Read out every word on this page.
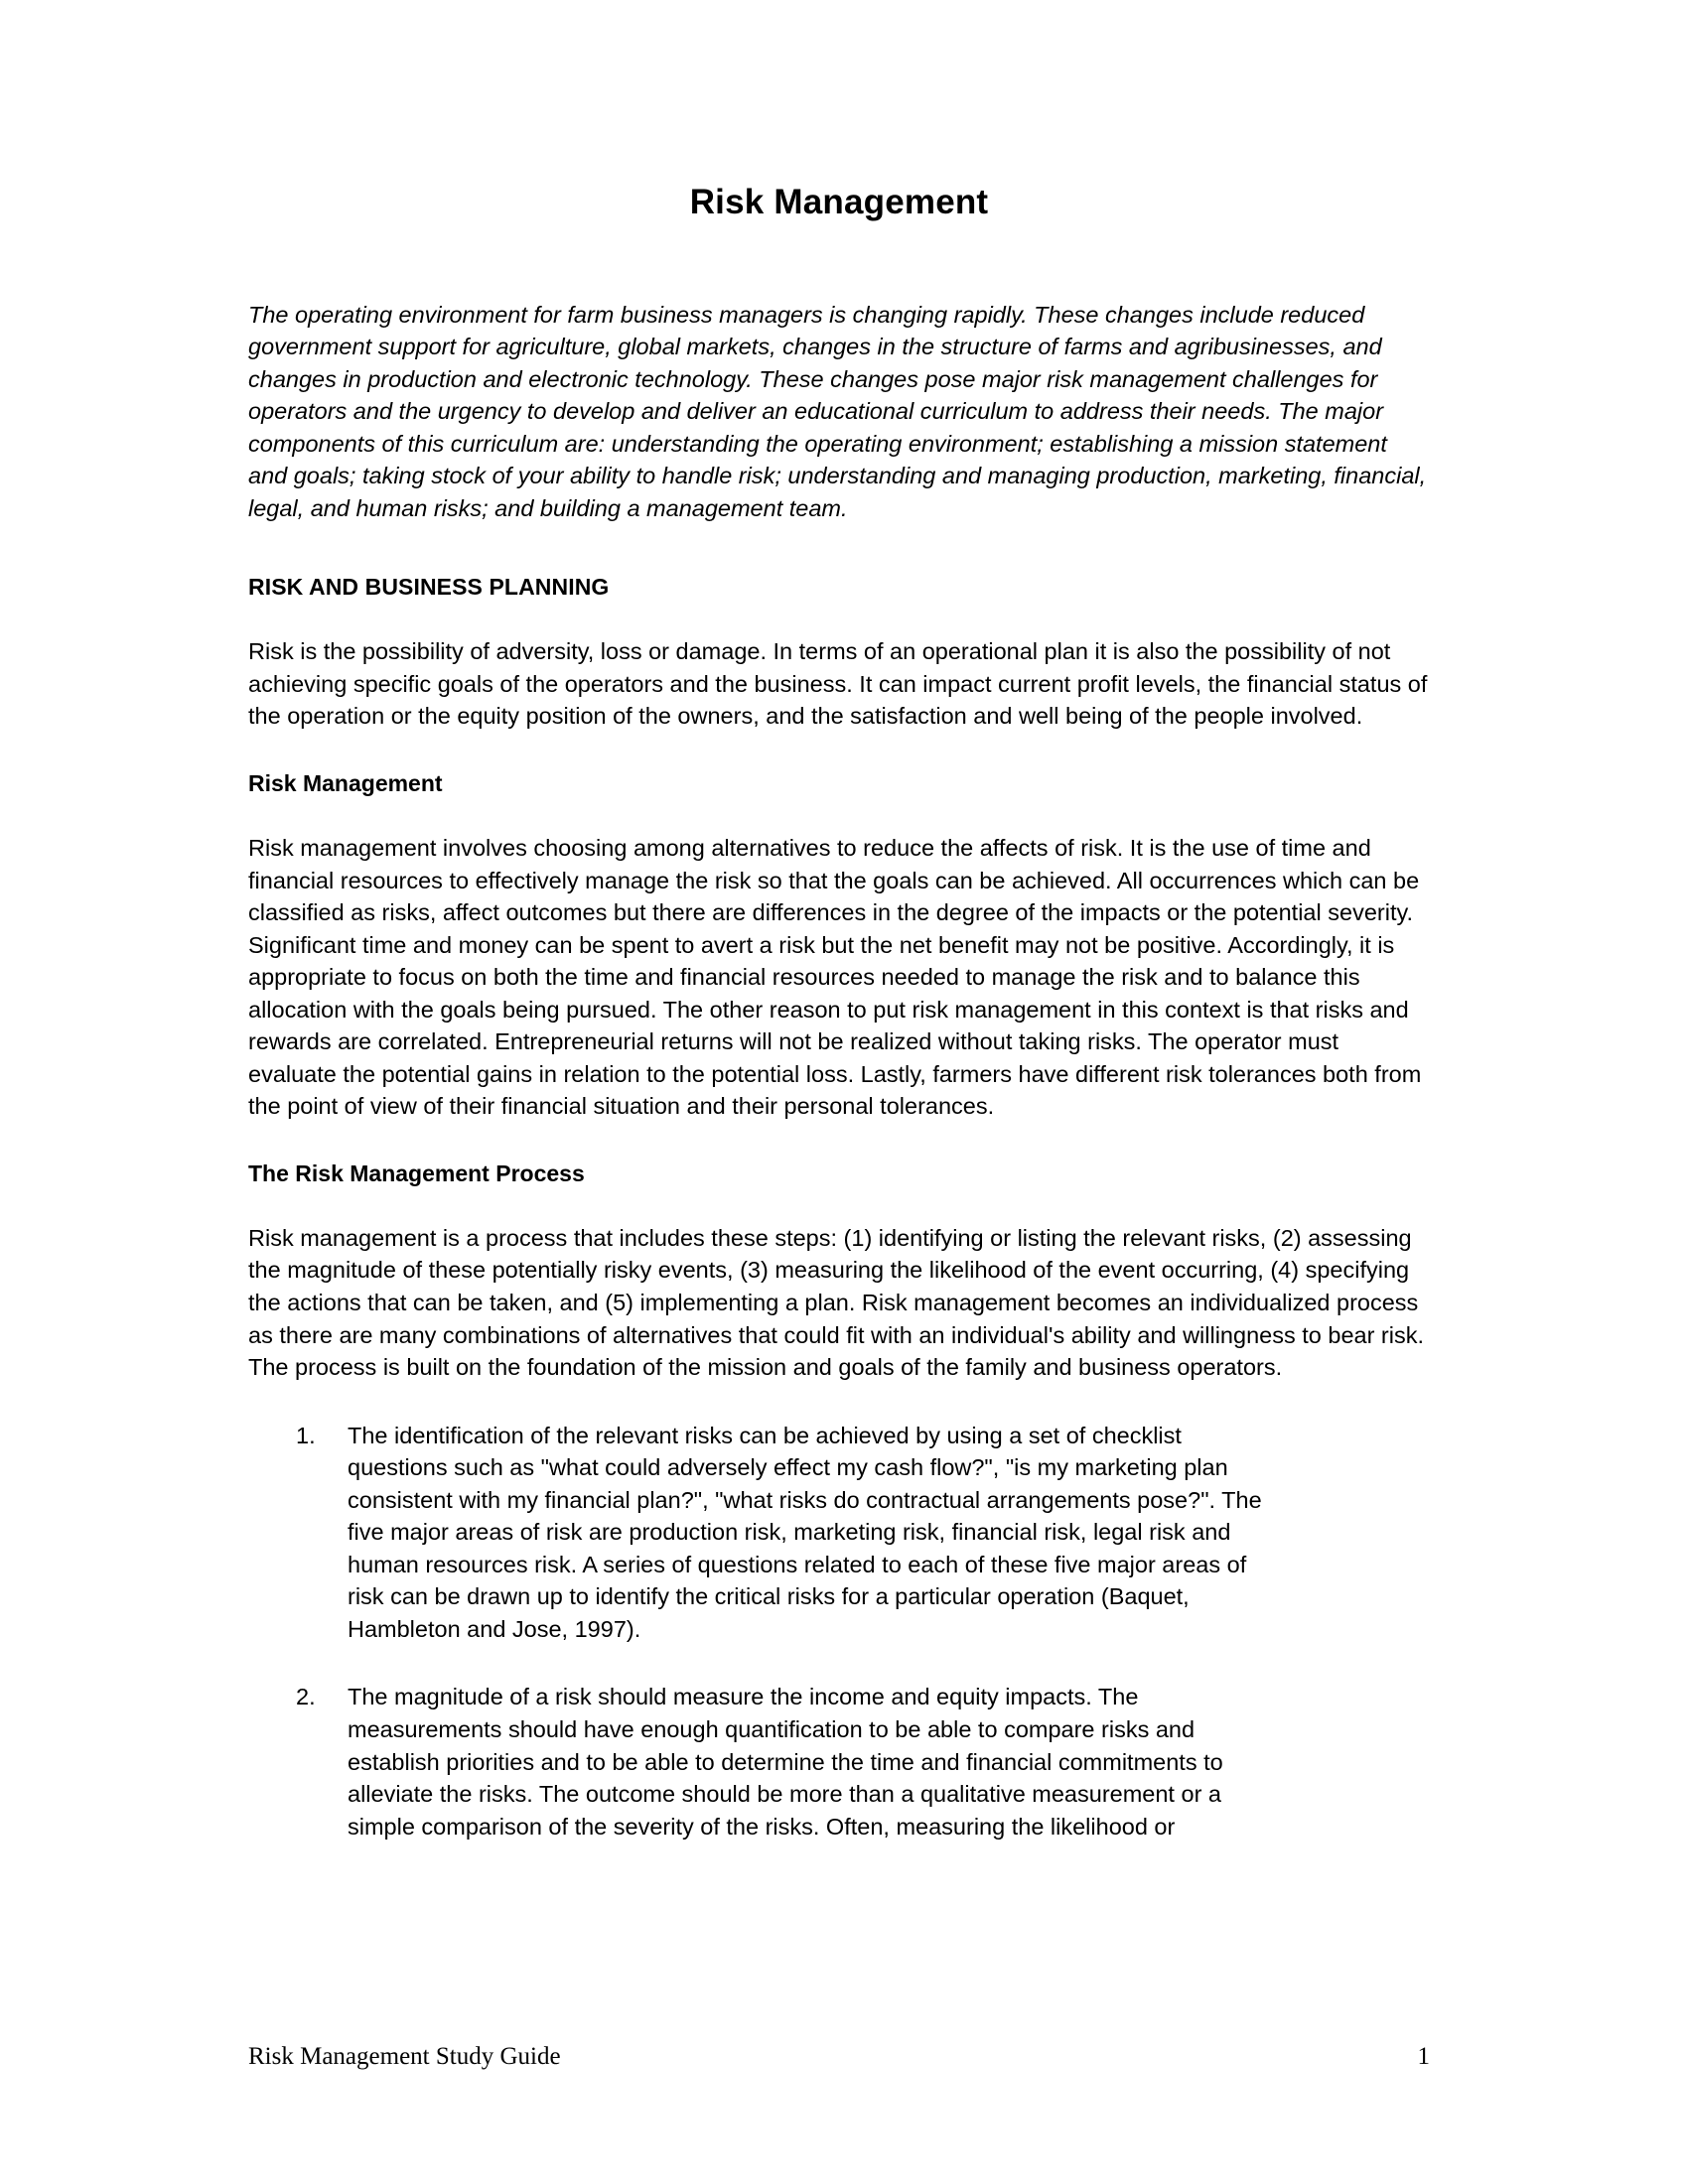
Risk Management

The operating environment for farm business managers is changing rapidly. These changes include reduced government support for agriculture, global markets, changes in the structure of farms and agribusinesses, and changes in production and electronic technology. These changes pose major risk management challenges for operators and the urgency to develop and deliver an educational curriculum to address their needs. The major components of this curriculum are: understanding the operating environment; establishing a mission statement and goals; taking stock of your ability to handle risk; understanding and managing production, marketing, financial, legal, and human risks; and building a management team.

RISK AND BUSINESS PLANNING

Risk is the possibility of adversity, loss or damage. In terms of an operational plan it is also the possibility of not achieving specific goals of the operators and the business. It can impact current profit levels, the financial status of the operation or the equity position of the owners, and the satisfaction and well being of the people involved.

Risk Management

Risk management involves choosing among alternatives to reduce the affects of risk. It is the use of time and financial resources to effectively manage the risk so that the goals can be achieved. All occurrences which can be classified as risks, affect outcomes but there are differences in the degree of the impacts or the potential severity. Significant time and money can be spent to avert a risk but the net benefit may not be positive. Accordingly, it is appropriate to focus on both the time and financial resources needed to manage the risk and to balance this allocation with the goals being pursued. The other reason to put risk management in this context is that risks and rewards are correlated. Entrepreneurial returns will not be realized without taking risks. The operator must evaluate the potential gains in relation to the potential loss. Lastly, farmers have different risk tolerances both from the point of view of their financial situation and their personal tolerances.

The Risk Management Process

Risk management is a process that includes these steps: (1) identifying or listing the relevant risks, (2) assessing the magnitude of these potentially risky events, (3) measuring the likelihood of the event occurring, (4) specifying the actions that can be taken, and (5) implementing a plan. Risk management becomes an individualized process as there are many combinations of alternatives that could fit with an individual's ability and willingness to bear risk. The process is built on the foundation of the mission and goals of the family and business operators.

1. The identification of the relevant risks can be achieved by using a set of checklist questions such as "what could adversely effect my cash flow?", "is my marketing plan consistent with my financial plan?", "what risks do contractual arrangements pose?". The five major areas of risk are production risk, marketing risk, financial risk, legal risk and human resources risk. A series of questions related to each of these five major areas of risk can be drawn up to identify the critical risks for a particular operation (Baquet, Hambleton and Jose, 1997).
2. The magnitude of a risk should measure the income and equity impacts. The measurements should have enough quantification to be able to compare risks and establish priorities and to be able to determine the time and financial commitments to alleviate the risks. The outcome should be more than a qualitative measurement or a simple comparison of the severity of the risks. Often, measuring the likelihood or
Risk Management Study Guide	1
